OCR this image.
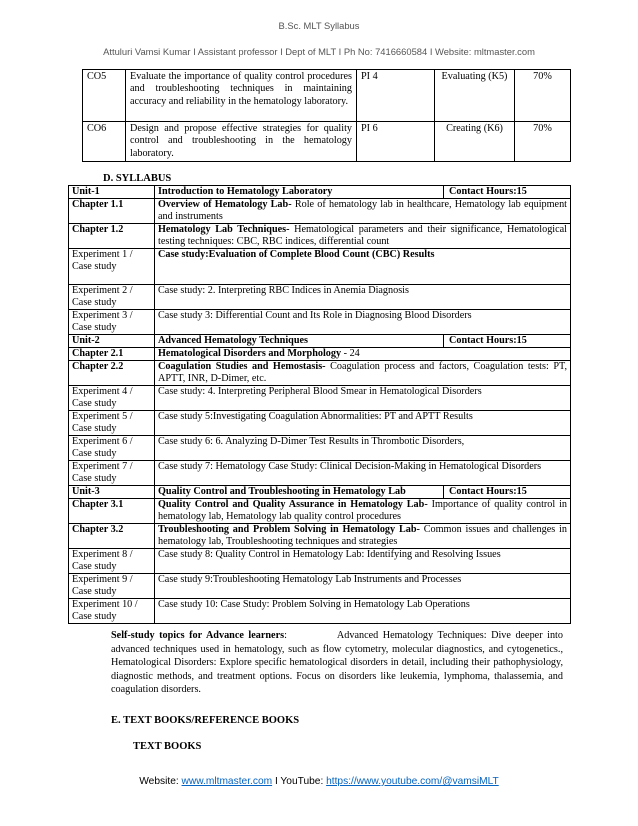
B.Sc. MLT Syllabus
Attuluri Vamsi Kumar I Assistant professor I Dept of MLT I Ph No: 7416660584 I Website: mltmaster.com
CO5	Evaluate the importance of quality control procedures and troubleshooting techniques in maintaining accuracy and reliability in the hematology laboratory.	PI 4	Evaluating (K5)	70%
CO6	Design and propose effective strategies for quality control and troubleshooting in the hematology laboratory.	PI 6	Creating (K6)	70%
D. SYLLABUS
Unit-1	Introduction to Hematology Laboratory Contact Hours:15
Chapter 1.1	Overview of Hematology Lab- Role of hematology lab in healthcare, Hematology lab equipment and instruments
Chapter 1.2	Hematology Lab Techniques- Hematological parameters and their significance, Hematological testing techniques: CBC, RBC indices, differential count
Experiment 1 / Case study	Case study:Evaluation of Complete Blood Count (CBC) Results
Experiment 2 / Case study	Case study: 2. Interpreting RBC Indices in Anemia Diagnosis
Experiment 3 / Case study	Case study 3: Differential Count and Its Role in Diagnosing Blood Disorders
Unit-2	Advanced Hematology Techniques Contact Hours:15
Chapter 2.1	Hematological Disorders and Morphology - 24
Chapter 2.2	Coagulation Studies and Hemostasis- Coagulation process and factors, Coagulation tests: PT, APTT, INR, D-Dimer, etc.
Experiment 4 / Case study	Case study: 4. Interpreting Peripheral Blood Smear in Hematological Disorders
Experiment 5 / Case study	Case study 5:Investigating Coagulation Abnormalities: PT and APTT Results
Experiment 6 / Case study	Case study 6: 6. Analyzing D-Dimer Test Results in Thrombotic Disorders,
Experiment 7 / Case study	Case study 7: Hematology Case Study: Clinical Decision-Making in Hematological Disorders
Unit-3	Quality Control and Troubleshooting in Hematology Lab Contact Hours:15
Chapter 3.1	Quality Control and Quality Assurance in Hematology Lab- Importance of quality control in hematology lab, Hematology lab quality control procedures
Chapter 3.2	Troubleshooting and Problem Solving in Hematology Lab- Common issues and challenges in hematology lab, Troubleshooting techniques and strategies
Experiment 8 / Case study	Case study 8: Quality Control in Hematology Lab: Identifying and Resolving Issues
Experiment 9 / Case study	Case study 9:Troubleshooting Hematology Lab Instruments and Processes
Experiment 10 / Case study	Case study 10: Case Study: Problem Solving in Hematology Lab Operations
Self-study topics for Advance learners:	Advanced Hematology Techniques: Dive deeper into advanced techniques used in hematology, such as flow cytometry, molecular diagnostics, and cytogenetics., Hematological Disorders: Explore specific hematological disorders in detail, including their pathophysiology, diagnostic methods, and treatment options. Focus on disorders like leukemia, lymphoma, thalassemia, and coagulation disorders.
E. TEXT BOOKS/REFERENCE BOOKS
TEXT BOOKS
Website: www.mltmaster.com I YouTube: https://www.youtube.com/@vamsiMLT
